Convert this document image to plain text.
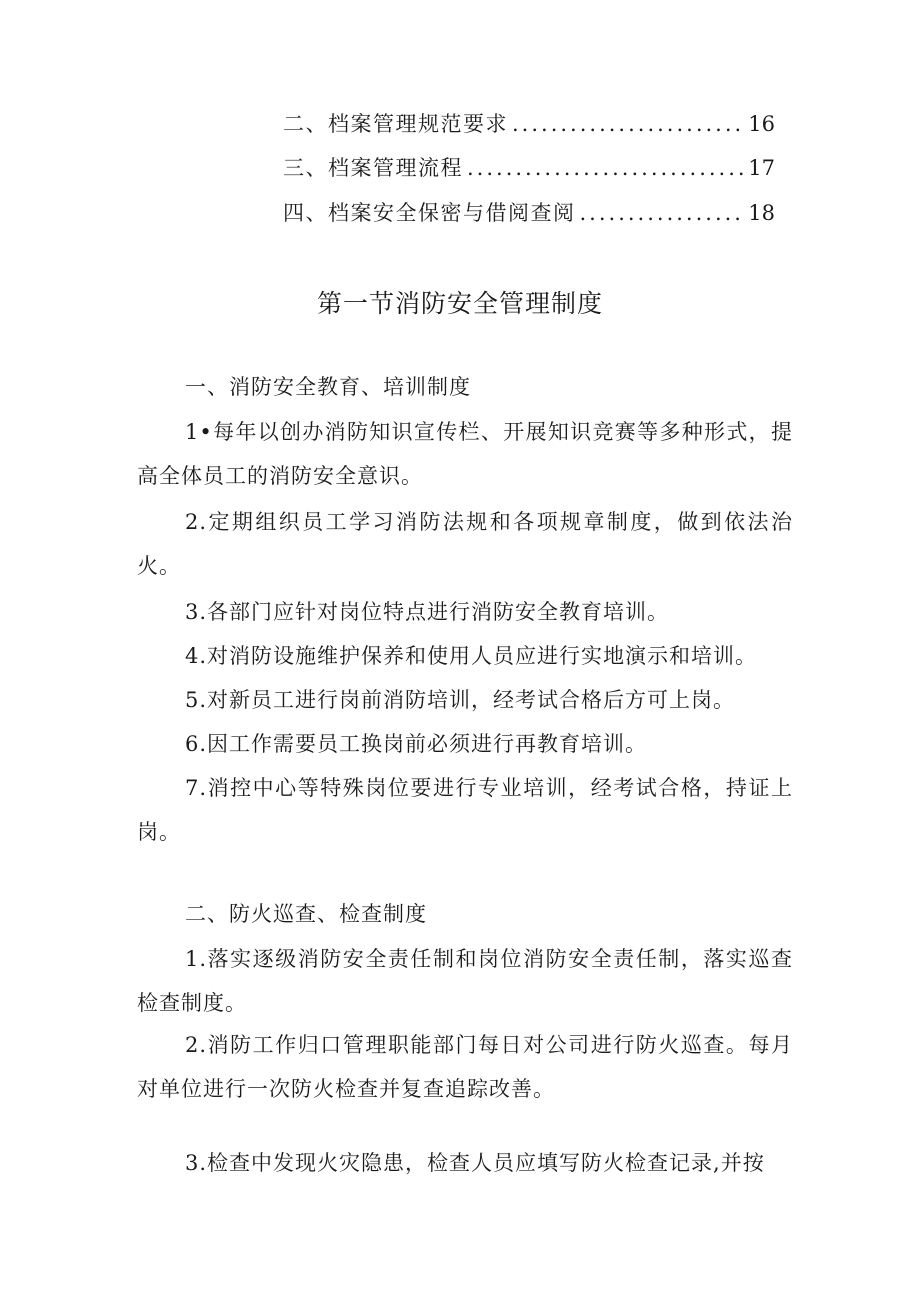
二、档案管理规范要求 .....	16
三、档案管理流程 .....	17
四、档案安全保密与借阅查阅 .....	18
第一节消防安全管理制度

一、消防安全教育、培训制度

1•每年以创办消防知识宣传栏、开展知识竞赛等多种形式，提高全体员工的消防安全意识。

2.定期组织员工学习消防法规和各项规章制度，做到依法治火。

3.各部门应针对岗位特点进行消防安全教育培训。

4.对消防设施维护保养和使用人员应进行实地演示和培训。

5.对新员工进行岗前消防培训，经考试合格后方可上岗。

6.因工作需要员工换岗前必须进行再教育培训。

7.消控中心等特殊岗位要进行专业培训，经考试合格，持证上岗。

二、防火巡查、检查制度

1.落实逐级消防安全责任制和岗位消防安全责任制，落实巡查检查制度。

2.消防工作归口管理职能部门每日对公司进行防火巡查。每月对单位进行一次防火检查并复查追踪改善。

3.检查中发现火灾隐患，检查人员应填写防火检查记录,并按
